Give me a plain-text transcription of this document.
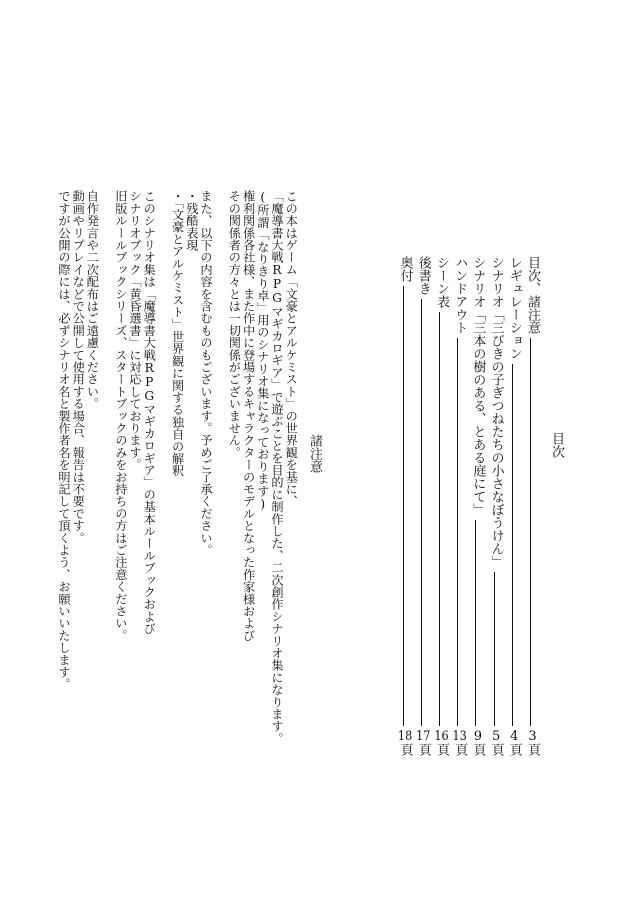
目次
目次、諸注意
3頁
レギュレーション
4頁
シナリオ「三びきの子ぎつねたちの小さなぼうけん」
5頁
シナリオ「三本の樹のある、とある庭にて」
9頁
ハンドアウト
13頁
シーン表
16頁
後書き
17頁
奥付
18頁
諸注意
この本はゲーム「文豪とアルケミスト」の世界観を基に、
「魔導書大戦RPGマギカロギア」で遊ぶことを目的に制作した、二次創作シナリオ集になります。
(所謂「なりきり卓」用のシナリオ集になっております)
権利関係各社様、また作中に登場するキャラクターのモデルとなった作家様および
その関係者の方々とは一切関係がございません。
また、以下の内容を含むものもございます。予めご了承ください。
・残酷表現
・「文豪とアルケミスト」世界観に関する独自の解釈
このシナリオ集は「魔導書大戦RPGマギカロギア」の基本ルールブックおよび
シナリオブック「黄昏選書」に対応しております。
旧版ルールブックシリーズ、スタートブックのみをお持ちの方はご注意ください。
自作発言や二次配布はご遠慮ください。
動画やリプレイなどで公開して使用する場合、報告は不要です。
ですが公開の際には、必ずシナリオ名と製作者名を明記して頂くよう、お願いいたします。
